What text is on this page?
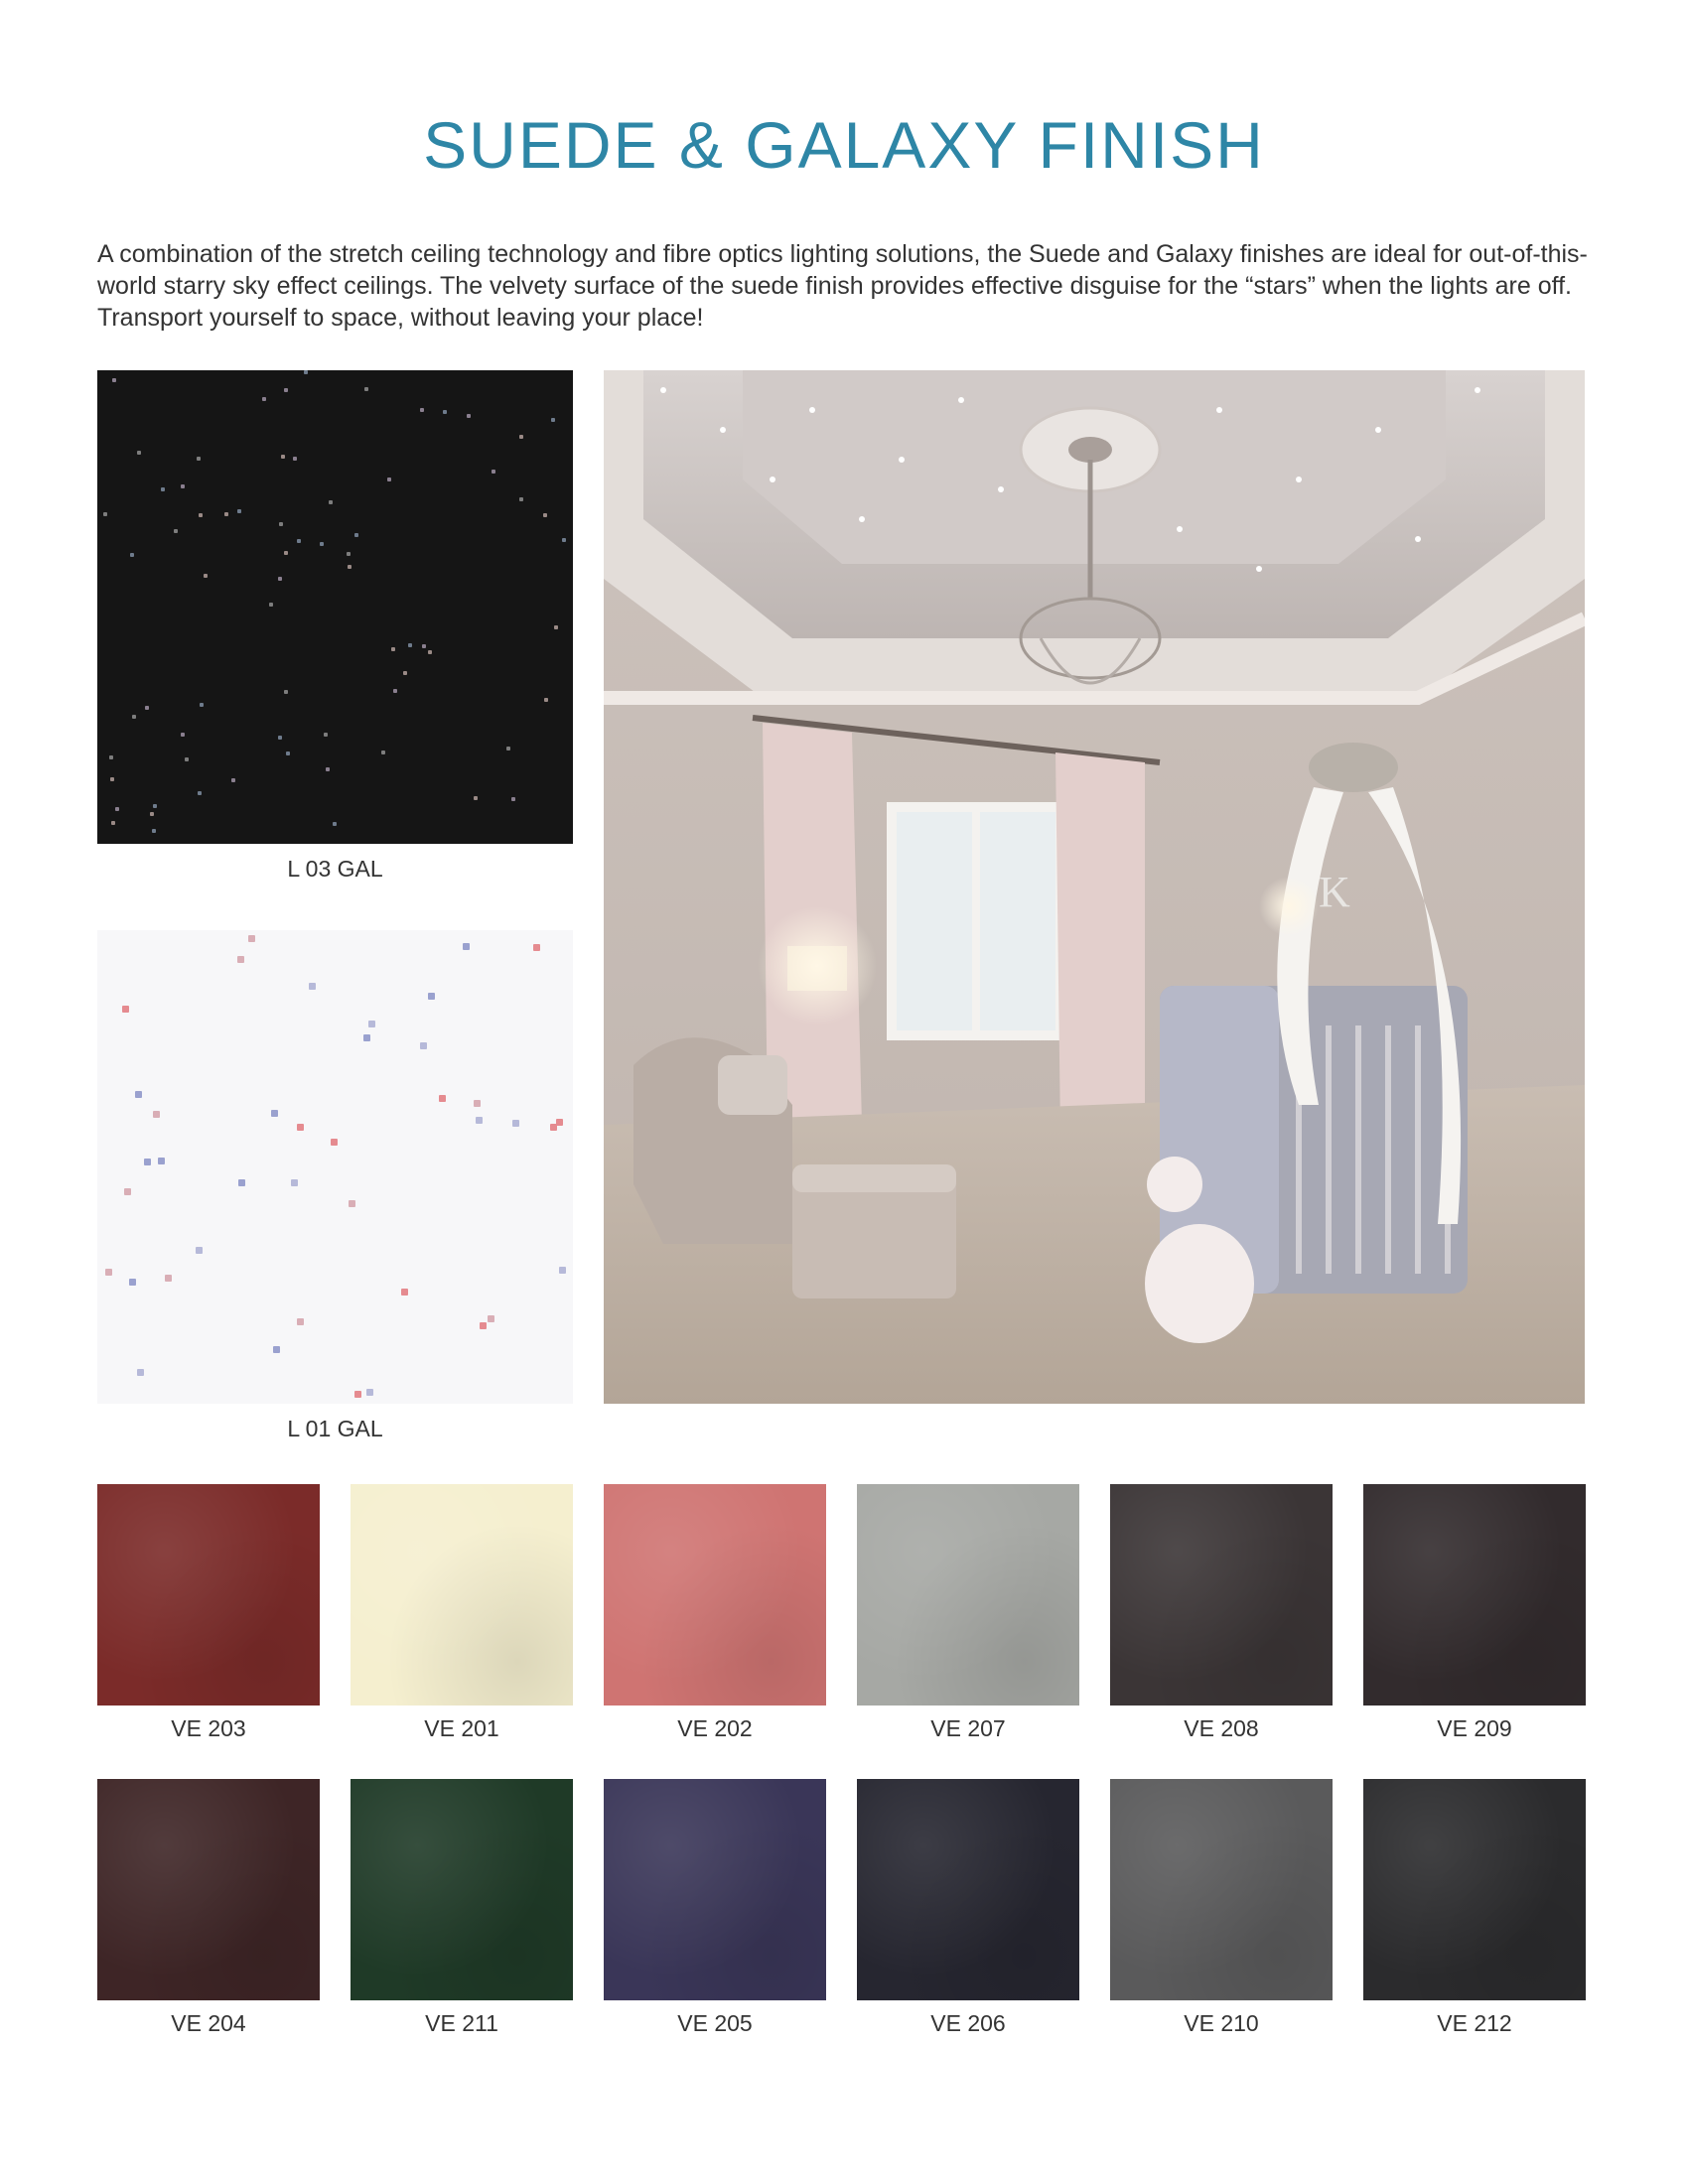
SUEDE & GALAXY FINISH

A combination of the stretch ceiling technology and fibre optics lighting solutions, the Suede and Galaxy finishes are ideal for out-of-this-world starry sky effect ceilings. The velvety surface of the suede finish provides effective disguise for the “stars” when the lights are off. Transport yourself to space, without leaving your place!

L 03 GAL
L 01 GAL
K
VE 203	VE 201	VE 202	VE 207	VE 208	VE 209
VE 204	VE 211	VE 205	VE 206	VE 210	VE 212
